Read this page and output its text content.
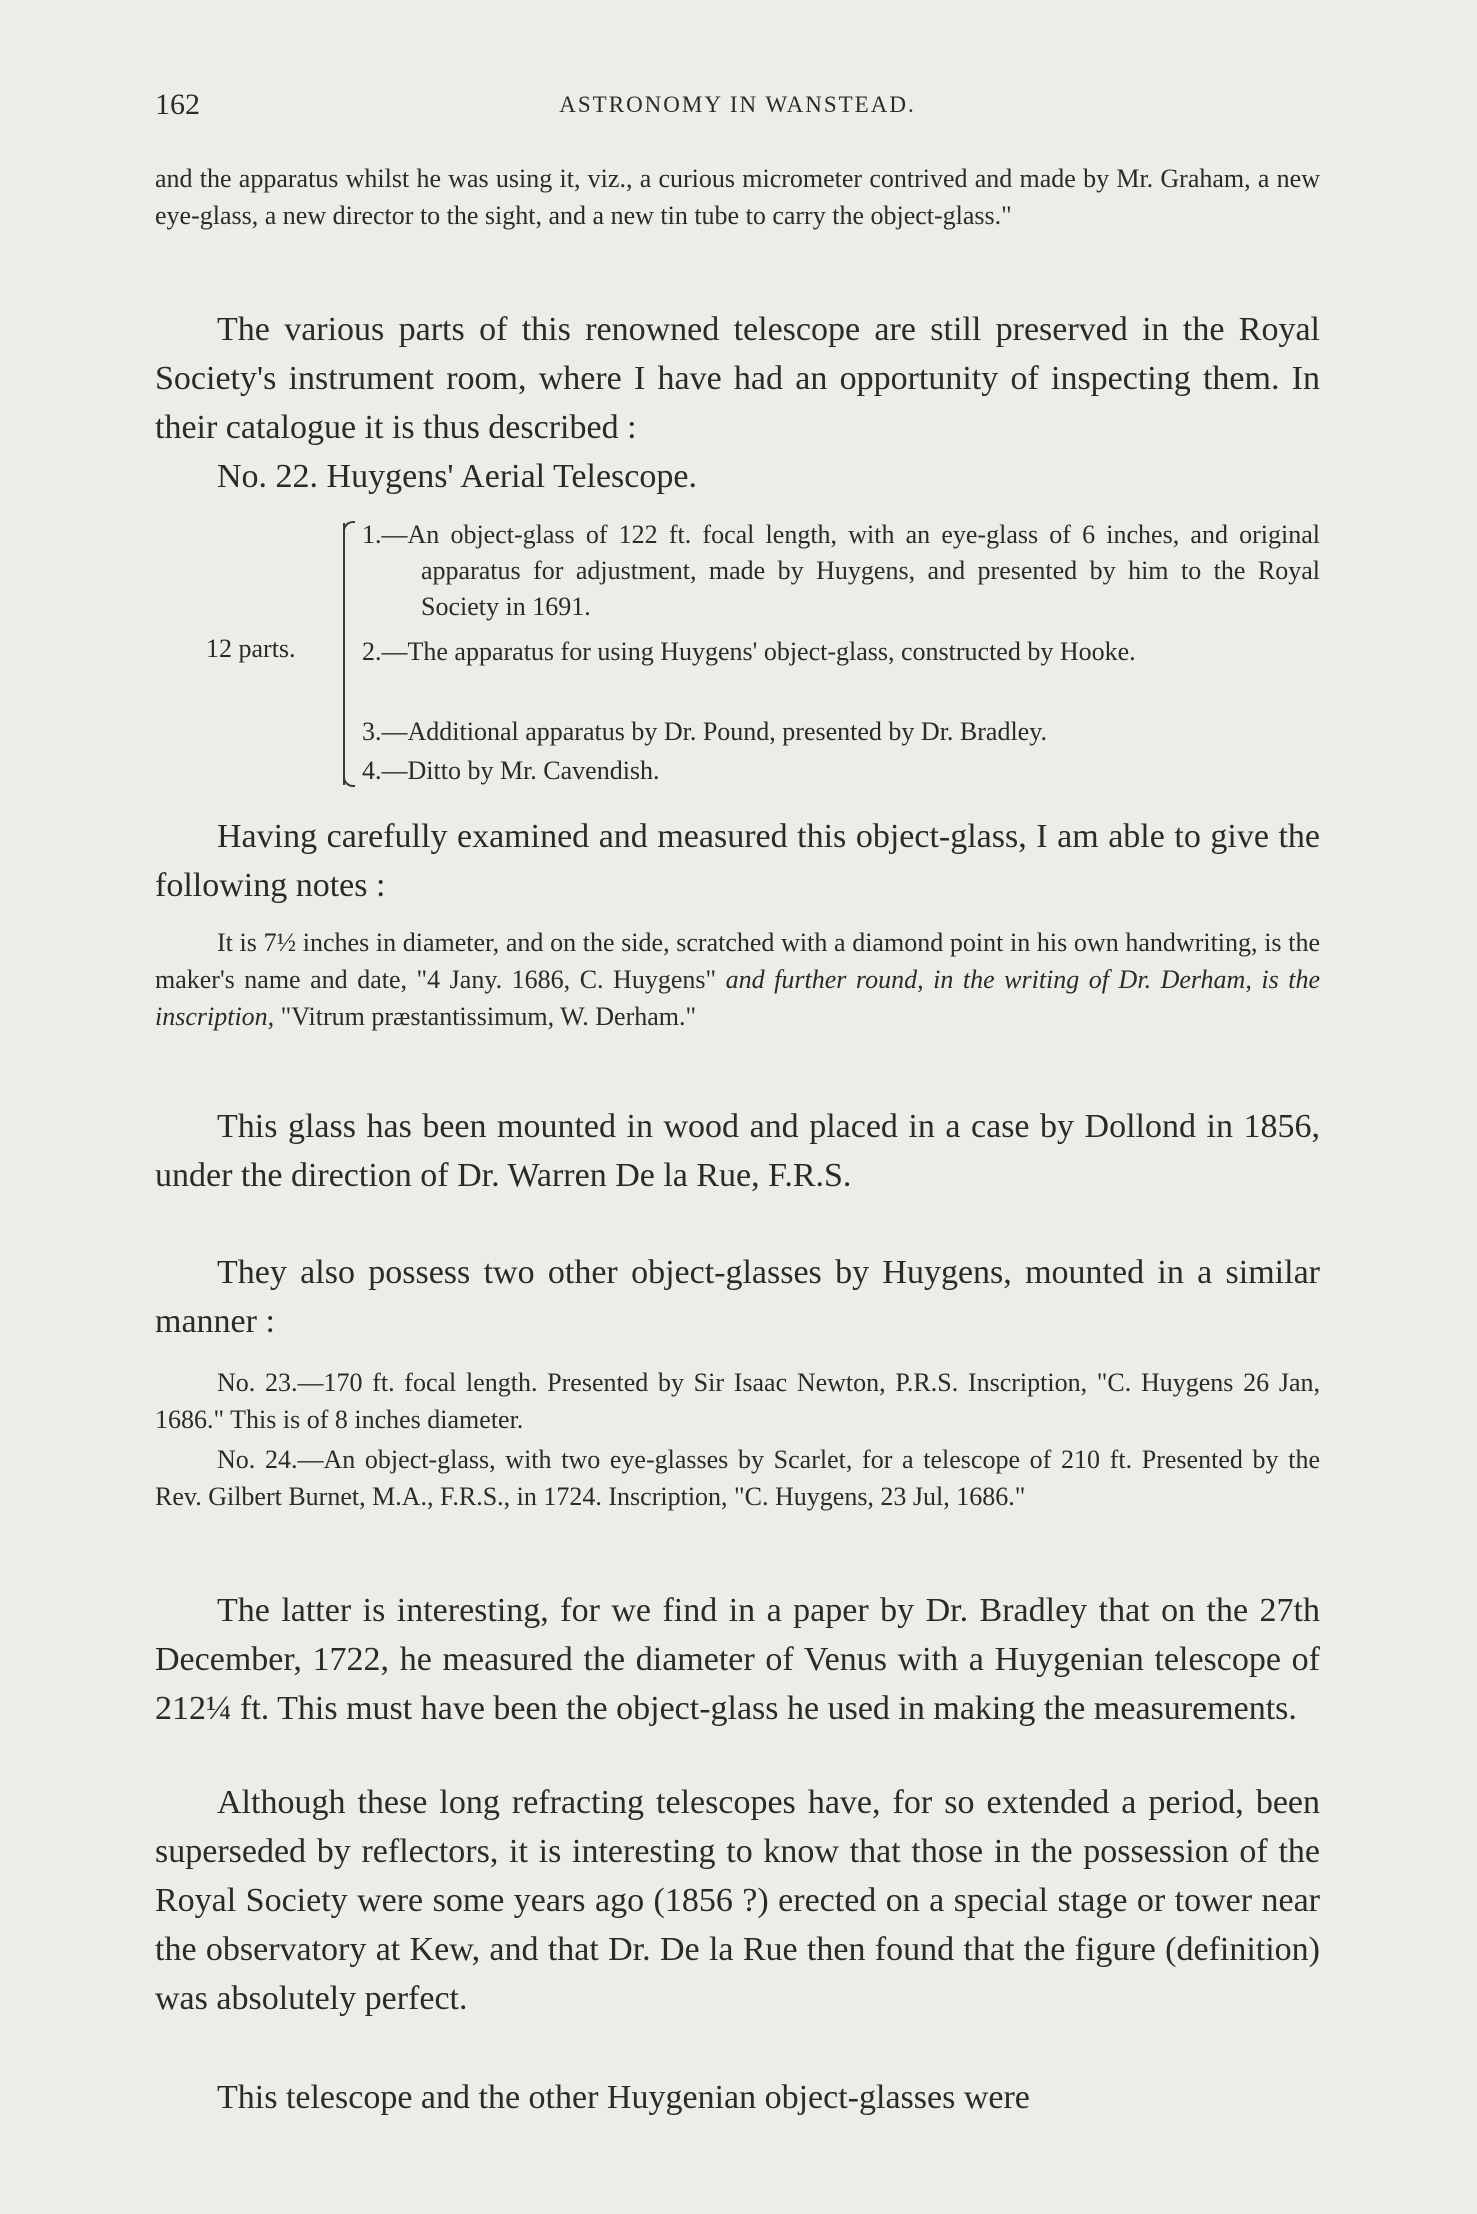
162	ASTRONOMY IN WANSTEAD.

and the apparatus whilst he was using it, viz., a curious micrometer contrived and made by Mr. Graham, a new eye-glass, a new director to the sight, and a new tin tube to carry the object-glass."

The various parts of this renowned telescope are still preserved in the Royal Society's instrument room, where I have had an opportunity of inspecting them. In their catalogue it is thus described :

No. 22. Huygens' Aerial Telescope.
12 parts.
1.—An object-glass of 122 ft. focal length, with an eye-glass of 6 inches, and original apparatus for adjustment, made by Huygens, and presented by him to the Royal Society in 1691.
2.—The apparatus for using Huygens' object-glass, constructed by Hooke.
3.—Additional apparatus by Dr. Pound, presented by Dr. Bradley.
4.—Ditto by Mr. Cavendish.

Having carefully examined and measured this object-glass, I am able to give the following notes :

It is 7½ inches in diameter, and on the side, scratched with a diamond point in his own handwriting, is the maker's name and date, "4 Jany. 1686, C. Huygens" and further round, in the writing of Dr. Derham, is the inscription, "Vitrum præstantissimum, W. Derham."

This glass has been mounted in wood and placed in a case by Dollond in 1856, under the direction of Dr. Warren De la Rue, F.R.S.

They also possess two other object-glasses by Huygens, mounted in a similar manner :

No. 23.—170 ft. focal length. Presented by Sir Isaac Newton, P.R.S. Inscription, "C. Huygens 26 Jan, 1686." This is of 8 inches diameter.

No. 24.—An object-glass, with two eye-glasses by Scarlet, for a telescope of 210 ft. Presented by the Rev. Gilbert Burnet, M.A., F.R.S., in 1724. Inscription, "C. Huygens, 23 Jul, 1686."

The latter is interesting, for we find in a paper by Dr. Bradley that on the 27th December, 1722, he measured the diameter of Venus with a Huygenian telescope of 212¼ ft. This must have been the object-glass he used in making the measurements.

Although these long refracting telescopes have, for so extended a period, been superseded by reflectors, it is interesting to know that those in the possession of the Royal Society were some years ago (1856 ?) erected on a special stage or tower near the observatory at Kew, and that Dr. De la Rue then found that the figure (definition) was absolutely perfect.

This telescope and the other Huygenian object-glasses were
